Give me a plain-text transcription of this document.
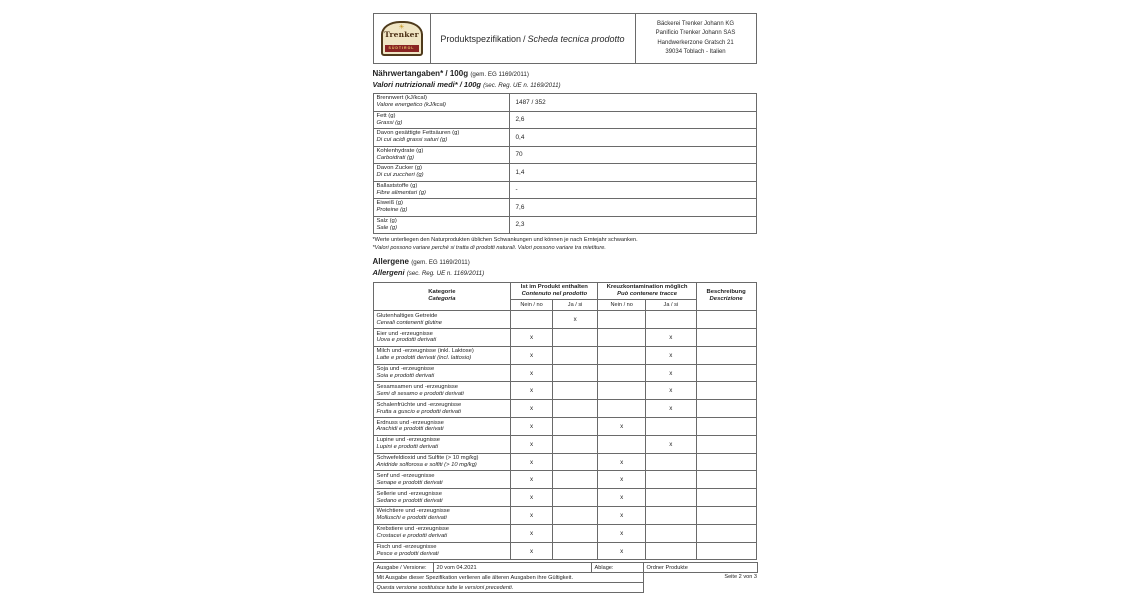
☀
Trenker
SÜDTIROL
	Produktspezifikation / Scheda tecnica prodotto	
Bäckerei Trenker Johann KG
Panificio Trenker Johann SAS
Handwerkerzone Gratsch 21
39034 Toblach - Italien
Nährwertangaben* / 100g (gem. EG 1169/2011)
Valori nutrizionali medi* / 100g (sec. Reg. UE n. 1169/2011)
Brennwert (kJ/kcal)
Valore energetico (kJ/kcal)	1487 / 352

Fett (g)
Grassi (g)	2,6

Davon gesättigte Fettsäuren (g)
Di cui acidi grassi saturi (g)	0,4

Kohlenhydrate (g)
Carboidrati (g)	70

Davon Zucker (g)
Di cui zuccheri (g)	1,4

Ballaststoffe (g)
Fibre alimentari (g)	-

Eiweiß (g)
Proteine (g)	7,6

Salz (g)
Sale (g)	2,3
*Werte unterliegen den Naturprodukten üblichen Schwankungen und können je nach Erntejahr schwanken.
*Valori possono variare perché si tratta di prodotti naturali. Valori possono variare tra mietiture.
Allergene (gem. EG 1169/2011)
Allergeni (sec. Reg. UE n. 1169/2011)
Kategorie
Categoria

Ist im Produkt enthalten
Contenuto nel prodotto

Kreuzkontamination möglich
Può contenere tracce	Beschreibung
Descrizione

	Nein / no	Ja / si	Nein / no	Ja / si	

Glutenhaltiges Getreide
Cereali contenenti glutine		x			

Eier und -erzeugnisse
Uova e prodotti derivati	x			x	

Milch und -erzeugnisse (inkl. Laktose)
Latte e prodotti derivati (incl. lattosio)	x			x	

Soja und -erzeugnisse
Soia e prodotti derivati	x			x	

Sesamsamen und -erzeugnisse
Semi di sesamo e prodotti derivati	x			x	

Schalenfrüchte und -erzeugnisse
Frutta a guscio e prodotti derivati	x			x	

Erdnuss und -erzeugnisse
Arachidi e prodotti derivati	x		x		

Lupine und -erzeugnisse
Lupini e prodotti derivati	x			x	

Schwefeldioxid und Sulfite (> 10 mg/kg)
Anidride solforosa e solfiti (> 10 mg/kg)	x		x		

Senf und -erzeugnisse
Senape e prodotti derivati	x		x		

Sellerie und -erzeugnisse
Sedano e prodotti derivati	x		x		

Weichtiere und -erzeugnisse
Molluschi e prodotti derivati	x		x		

Krebstiere und -erzeugnisse
Crostacei e prodotti derivati	x		x		

Fisch und -erzeugnisse
Pesce e prodotti derivati	x		x		
Ausgabe / Versione:	20 vom 04.2021	Ablage:	Ordner Produkte
Mit Ausgabe dieser Spezifikation verlieren alle älteren Ausgaben ihre Gültigkeit.			Seite 2 von 3
Questa versione sostituisce tutte le versioni precedenti.			
